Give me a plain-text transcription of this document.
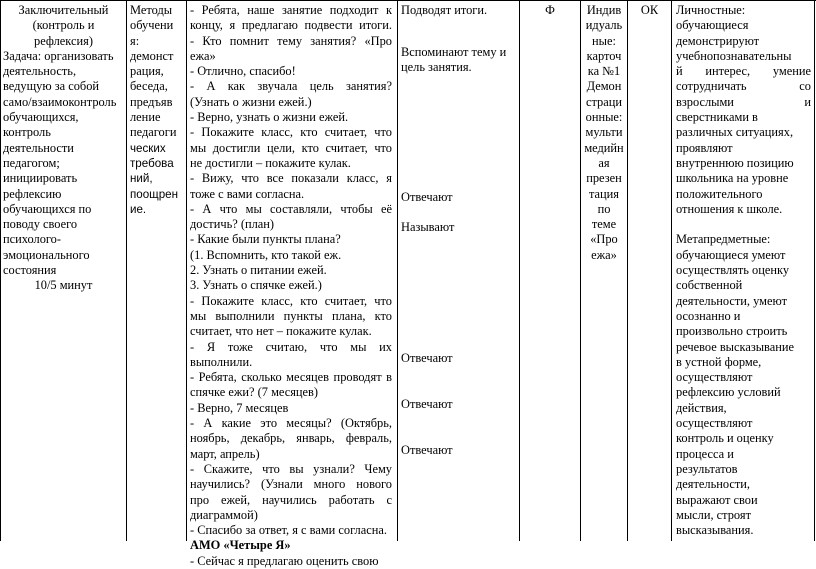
Заключительный
(контроль и
рефлексия)
Задача: организовать
деятельность,
ведущую за собой
само/взаимоконтроль
обучающихся,
контроль
деятельности
педагогом;
инициировать
рефлексию
обучающихся по
поводу своего
психолого-
эмоционального
состояния
10/5 минут
Методы
обучени
я:
демонст
рация,
беседа,
предъяв
ление
педагоги
ческих
требова
ний,
поощрен
ие.
- Ребята, наше занятие подходит к
концу, я предлагаю подвести итоги.
- Кто помнит тему занятия? «Про
ежа»
- Отлично, спасибо!
- А как звучала цель занятия?
(Узнать о жизни ежей.)
- Верно, узнать о жизни ежей.
- Покажите класс, кто считает, что
мы достигли цели, кто считает, что
не достигли – покажите кулак.
- Вижу, что все показали класс, я
тоже с вами согласна.
- А что мы составляли, чтобы её
достичь? (план)
- Какие были пункты плана?
(1. Вспомнить, кто такой еж.
2. Узнать о питании ежей.
3. Узнать о спячке ежей.)
- Покажите класс, кто считает, что
мы выполнили пункты плана, кто
считает, что нет – покажите кулак.
- Я тоже считаю, что мы их
выполнили.
- Ребята, сколько месяцев проводят в
спячке ежи? (7 месяцев)
- Верно, 7 месяцев
- А какие это месяцы? (Октябрь,
ноябрь, декабрь, январь, февраль,
март, апрель)
- Скажите, что вы узнали? Чему
научились? (Узнали много нового
про ежей, научились работать с
диаграммой)
- Спасибо за ответ, я с вами согласна.
АМО «Четыре Я»
- Сейчас я предлагаю оценить свою
Подводят итоги.
Вспоминают тему и
цель занятия.
Отвечают
Называют
Отвечают
Отвечают
Отвечают
Ф	Индив
идуаль
ные:
карточ
ка №1
Демон
страци
онные:
мульти
медийн
ая
презен
тация
по
теме
«Про
ежа»
ОК	Личностные:
обучающиеся
демонстрируют
учебнопознавательны
й интерес, умение
сотрудничать со
взрослыми и
сверстниками в
различных ситуациях,
проявляют
внутреннюю позицию
школьника на уровне
положительного
отношения к школе.
Метапредметные:
обучающиеся умеют
осуществлять оценку
собственной
деятельности, умеют
осознанно и
произвольно строить
речевое высказывание
в устной форме,
осуществляют
рефлексию условий
действия,
осуществляют
контроль и оценку
процесса и
результатов
деятельности,
выражают свои
мысли, строят
высказывания.
